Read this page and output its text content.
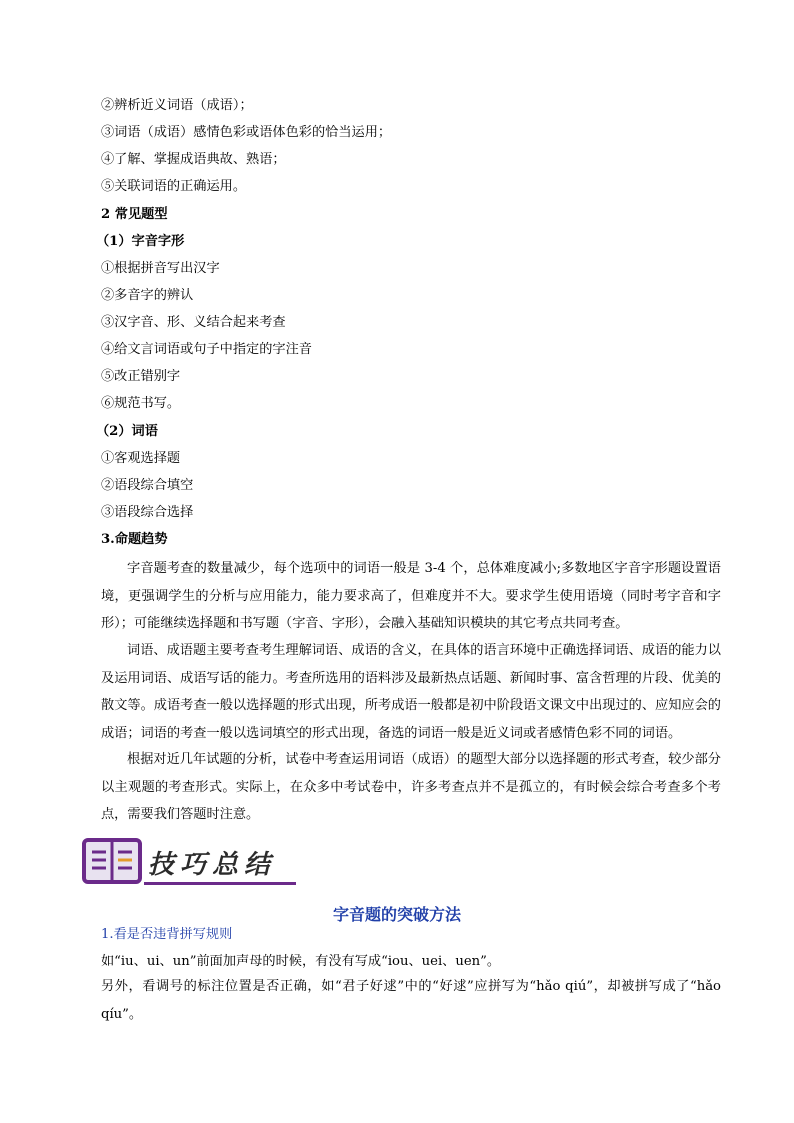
②辨析近义词语（成语）；
③词语（成语）感情色彩或语体色彩的恰当运用；
④了解、掌握成语典故、熟语；
⑤关联词语的正确运用。
2 常见题型
（1）字音字形
①根据拼音写出汉字
②多音字的辨认
③汉字音、形、义结合起来考查
④给文言词语或句子中指定的字注音
⑤改正错别字
⑥规范书写。
（2）词语
①客观选择题
②语段综合填空
③语段综合选择
3.命题趋势
字音题考查的数量减少，每个选项中的词语一般是 3-4 个，总体难度减小;多数地区字音字形题设置语境，更强调学生的分析与应用能力，能力要求高了，但难度并不大。要求学生使用语境（同时考字音和字形）；可能继续选择题和书写题（字音、字形），会融入基础知识模块的其它考点共同考查。
词语、成语题主要考查考生理解词语、成语的含义，在具体的语言环境中正确选择词语、成语的能力以及运用词语、成语写话的能力。考查所选用的语料涉及最新热点话题、新闻时事、富含哲理的片段、优美的散文等。成语考查一般以选择题的形式出现，所考成语一般都是初中阶段语文课文中出现过的、应知应会的成语；词语的考查一般以选词填空的形式出现，备选的词语一般是近义词或者感情色彩不同的词语。
根据对近几年试题的分析，试卷中考查运用词语（成语）的题型大部分以选择题的形式考查，较少部分以主观题的考查形式。实际上，在众多中考试卷中，许多考查点并不是孤立的，有时候会综合考查多个考点，需要我们答题时注意。
技巧总结
字音题的突破方法
1.看是否违背拼写规则
如“iu、ui、un”前面加声母的时候，有没有写成“iou、uei、uen”。
另外，看调号的标注位置是否正确，如“君子好逑”中的“好逑”应拼写为“hǎo qiú”，却被拼写成了“hǎo qíu”。
